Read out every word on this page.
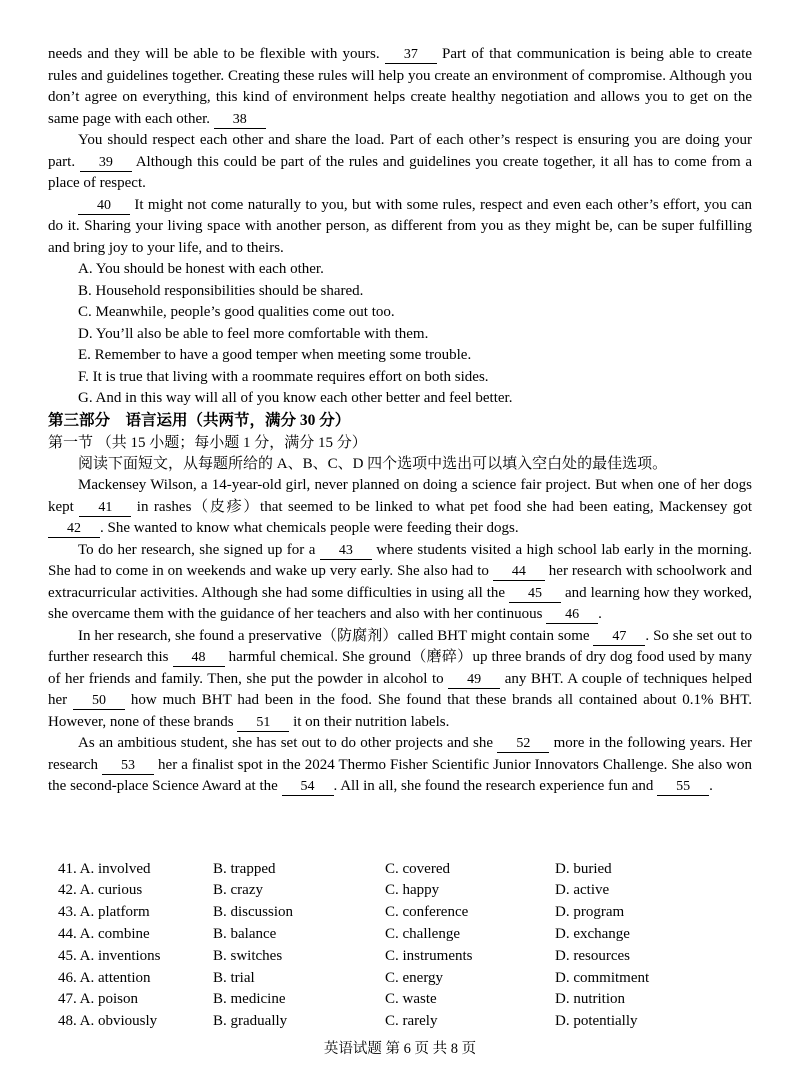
needs and they will be able to be flexible with yours. 37 Part of that communication is being able to create rules and guidelines together. Creating these rules will help you create an environment of compromise. Although you don’t agree on everything, this kind of environment helps create healthy negotiation and allows you to get on the same page with each other. 38

You should respect each other and share the load. Part of each other’s respect is ensuring you are doing your part. 39 Although this could be part of the rules and guidelines you create together, it all has to come from a place of respect.

40 It might not come naturally to you, but with some rules, respect and even each other’s effort, you can do it. Sharing your living space with another person, as different from you as they might be, can be super fulfilling and bring joy to your life, and to theirs.

A. You should be honest with each other.
B. Household responsibilities should be shared.
C. Meanwhile, people’s good qualities come out too.
D. You’ll also be able to feel more comfortable with them.
E. Remember to have a good temper when meeting some trouble.
F. It is true that living with a roommate requires effort on both sides.
G. And in this way will all of you know each other better and feel better.
第三部分　语言运用（共两节，满分 30 分）
第一节 （共 15 小题；每小题 1 分，满分 15 分）

阅读下面短文，从每题所给的 A、B、C、D 四个选项中选出可以填入空白处的最佳选项。

Mackensey Wilson, a 14-year-old girl, never planned on doing a science fair project. But when one of her dogs kept 41 in rashes（皮疹）that seemed to be linked to what pet food she had been eating, Mackensey got 42 . She wanted to know what chemicals people were feeding their dogs.

To do her research, she signed up for a 43 where students visited a high school lab early in the morning. She had to come in on weekends and wake up very early. She also had to 44 her research with schoolwork and extracurricular activities. Although she had some difficulties in using all the 45 and learning how they worked, she overcame them with the guidance of her teachers and also with her continuous 46 .

In her research, she found a preservative（防腐剂）called BHT might contain some 47 . So she set out to further research this 48 harmful chemical. She ground（磨碎）up three brands of dry dog food used by many of her friends and family. Then, she put the powder in alcohol to 49 any BHT. A couple of techniques helped her 50 how much BHT had been in the food. She found that these brands all contained about 0.1% BHT. However, none of these brands 51 it on their nutrition labels.

As an ambitious student, she has set out to do other projects and she 52 more in the following years. Her research 53 her a finalist spot in the 2024 Thermo Fisher Scientific Junior Innovators Challenge. She also won the second-place Science Award at the 54 . All in all, she found the research experience fun and 55 .

41. A. involved	B. trapped	C. covered	D. buried
42. A. curious	B. crazy	C. happy	D. active
43. A. platform	B. discussion	C. conference	D. program
44. A. combine	B. balance	C. challenge	D. exchange
45. A. inventions	B. switches	C. instruments	D. resources
46. A. attention	B. trial	C. energy	D. commitment
47. A. poison	B. medicine	C. waste	D. nutrition
48. A. obviously	B. gradually	C. rarely	D. potentially
英语试题 第 6 页 共 8 页
